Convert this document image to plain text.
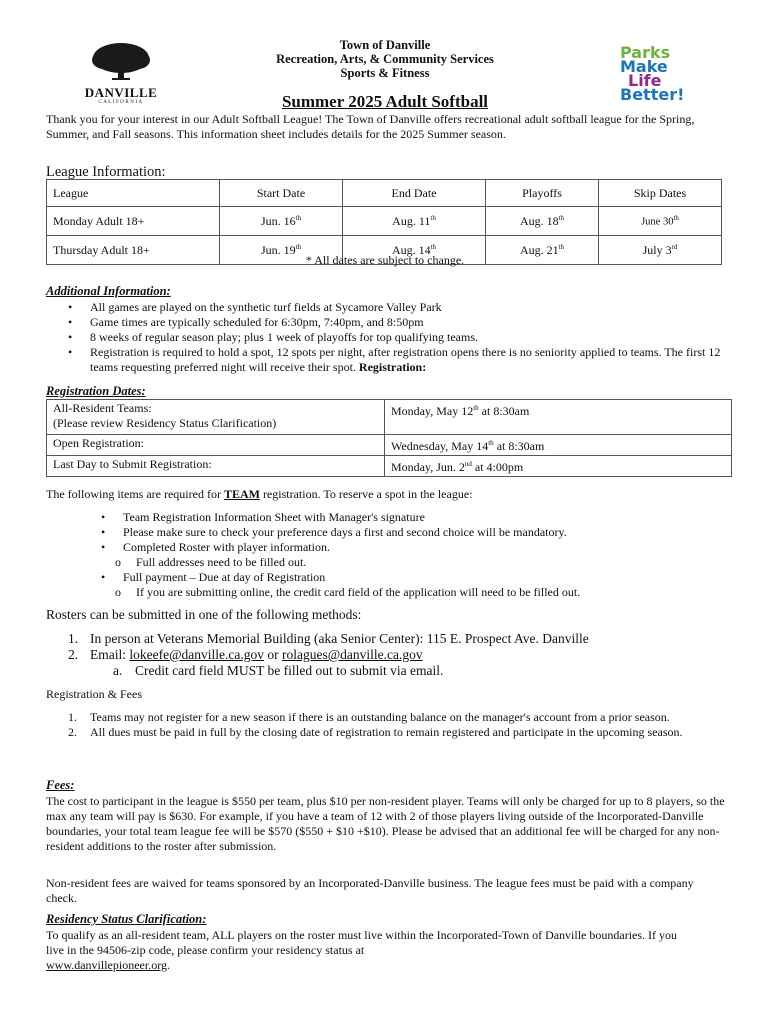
DANVILLE
CALIFORNIA
Parks
Make
Life
Better!
Town of Danville
Recreation, Arts, & Community Services
Sports & Fitness
Summer 2025 Adult Softball

Thank you for your interest in our Adult Softball League! The Town of Danville offers recreational adult softball league for the Spring, Summer, and Fall seasons. This information sheet includes details for the 2025 Summer season.

League Information:
League	Start Date	End Date	Playoffs	Skip Dates
Monday Adult 18+	Jun. 16th	Aug. 11th	Aug. 18th	June 30th
Thursday Adult 18+	Jun. 19th	Aug. 14th	Aug. 21th	July 3rd
* All dates are subject to change.
Additional Information:
• All games are played on the synthetic turf fields at Sycamore Valley Park
• Game times are typically scheduled for 6:30pm, 7:40pm, and 8:50pm
• 8 weeks of regular season play; plus 1 week of playoffs for top qualifying teams.
• Registration is required to hold a spot, 12 spots per night, after registration opens there is no seniority applied to teams. The first 12 teams requesting preferred night will receive their spot. Registration:
Registration Dates:
All-Resident Teams:
(Please review Residency Status Clarification)	Monday, May 12th at 8:30am
Open Registration:	Wednesday, May 14th at 8:30am
Last Day to Submit Registration:	Monday, Jun. 2nd at 4:00pm

The following items are required for TEAM registration. To reserve a spot in the league:

• Team Registration Information Sheet with Manager's signature
• Please make sure to check your preference days a first and second choice will be mandatory.
• Completed Roster with player information.
o Full addresses need to be filled out.
• Full payment – Due at day of Registration
o If you are submitting online, the credit card field of the application will need to be filled out.
Rosters can be submitted in one of the following methods:
1. In person at Veterans Memorial Building (aka Senior Center): 115 E. Prospect Ave. Danville
2. Email: lokeefe@danville.ca.gov or rolagues@danville.ca.gov
a. Credit card field MUST be filled out to submit via email.
Registration & Fees
1. Teams may not register for a new season if there is an outstanding balance on the manager's account from a prior season.
2. All dues must be paid in full by the closing date of registration to remain registered and participate in the upcoming season.
Fees:

The cost to participant in the league is $550 per team, plus $10 per non-resident player. Teams will only be charged for up to 8 players, so the max any team will pay is $630. For example, if you have a team of 12 with 2 of those players living outside of the Incorporated-Danville boundaries, your total team league fee will be $570 ($550 + $10 +$10). Please be advised that an additional fee will be charged for any non-resident additions to the roster after submission.

Non-resident fees are waived for teams sponsored by an Incorporated-Danville business. The league fees must be paid with a company check.

Residency Status Clarification:

To qualify as an all-resident team, ALL players on the roster must live within the Incorporated-Town of Danville boundaries. If you live in the 94506-zip code, please confirm your residency status at
www.danvillepioneer.org.
